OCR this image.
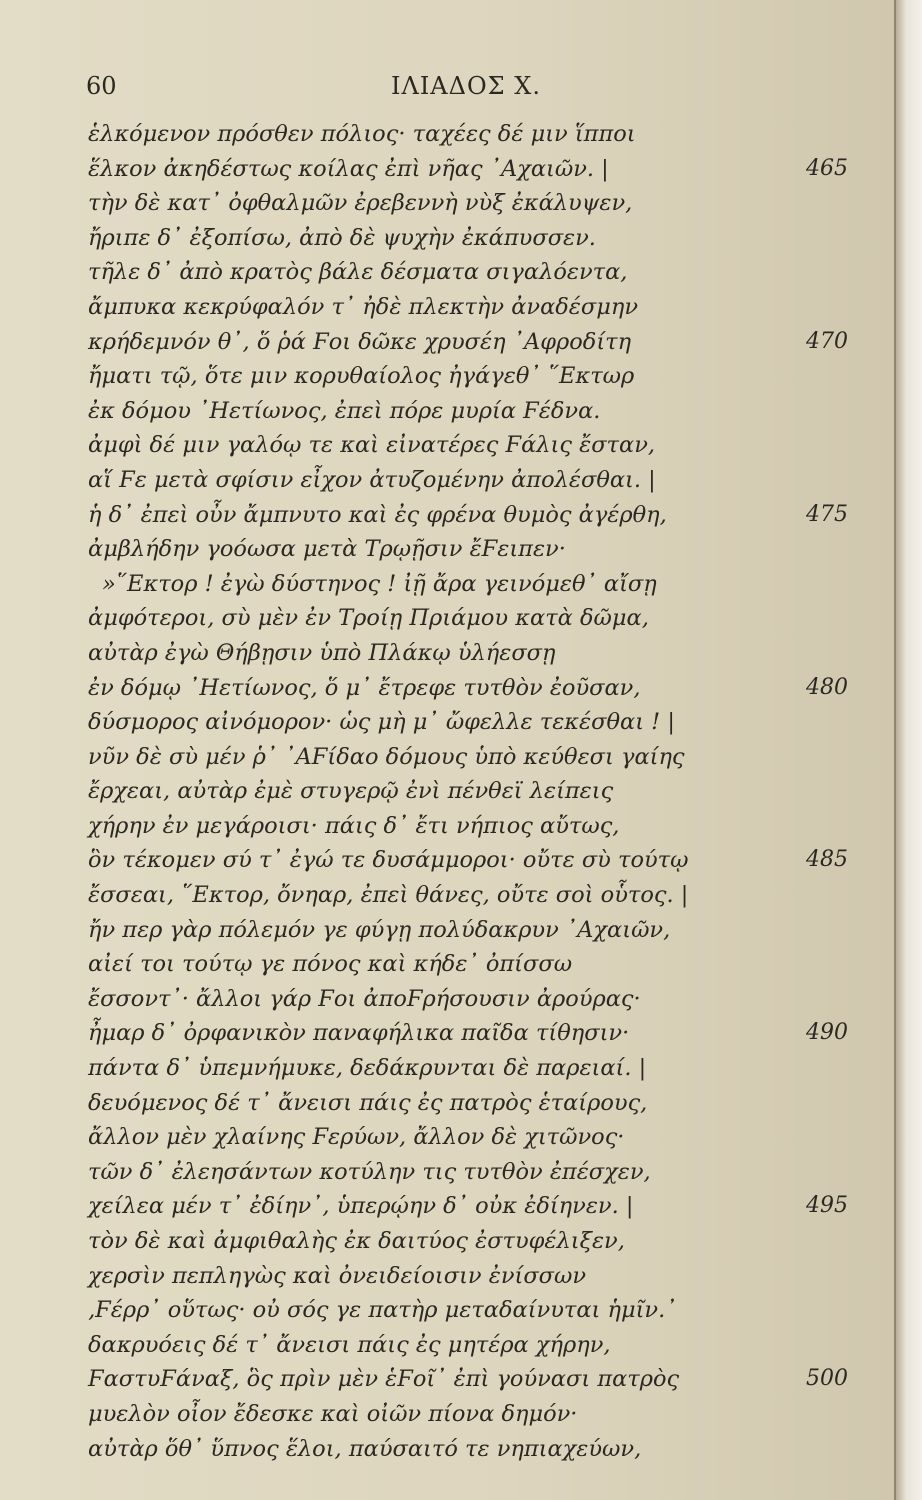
60	ΙΛΙΑΔΟΣ Χ.
ἑλκόμενον πρόσθεν πόλιος· ταχέες δέ μιν ἵπποι
ἕλκον ἀκηδέστως κοίλας ἐπὶ νῆας ᾿Αχαιῶν. |	465
τὴν δὲ κατ᾿ ὀφθαλμῶν ἐρεβεννὴ νὺξ ἐκάλυψεν,
ἤριπε δ᾿ ἐξοπίσω, ἀπὸ δὲ ψυχὴν ἐκάπυσσεν.
τῆλε δ᾿ ἀπὸ κρατὸς βάλε δέσματα σιγαλόεντα,
ἄμπυκα κεκρύφαλόν τ᾿ ἠδὲ πλεκτὴν ἀναδέσμην
κρήδεμνόν θ᾿, ὅ ῥά Ϝοι δῶκε χρυσέη ᾿Αφροδίτη	470
ἤματι τῷ, ὅτε μιν κορυθαίολος ἠγάγεθ᾿ ῞Εκτωρ
ἐκ δόμου ᾿Ηετίωνος, ἐπεὶ πόρε μυρία Ϝέδνα.
ἀμφὶ δέ μιν γαλόῳ τε καὶ εἰνατέρες Ϝάλις ἔσταν,
αἵ Ϝε μετὰ σφίσιν εἶχον ἀτυζομένην ἀπολέσθαι. |
ἡ δ᾿ ἐπεὶ οὖν ἄμπνυτο καὶ ἐς φρένα θυμὸς ἀγέρθη,	475
ἀμβλήδην γοόωσα μετὰ Τρῳῇσιν ἔϜειπεν·
»῞Εκτορ ! ἐγὼ δύστηνος ! ἰῇ ἄρα γεινόμεθ᾿ αἴσῃ
ἀμφότεροι, σὺ μὲν ἐν Τροίῃ Πριάμου κατὰ δῶμα,
αὐτὰρ ἐγὼ Θήβῃσιν ὑπὸ Πλάκῳ ὑλήεσσῃ
ἐν δόμῳ ᾿Ηετίωνος, ὅ μ᾿ ἔτρεφε τυτθὸν ἐοῦσαν,	480
δύσμορος αἰνόμορον· ὡς μὴ μ᾿ ὤφελλε τεκέσθαι ! |
νῦν δὲ σὺ μέν ῥ᾿ ᾿ΑϜίδαο δόμους ὑπὸ κεύθεσι γαίης
ἔρχεαι, αὐτὰρ ἐμὲ στυγερῷ ἐνὶ πένθεϊ λείπεις
χήρην ἐν μεγάροισι· πάις δ᾿ ἔτι νήπιος αὔτως,
ὃν τέκομεν σύ τ᾿ ἐγώ τε δυσάμμοροι· οὔτε σὺ τούτῳ	485
ἔσσεαι, ῞Εκτορ, ὄνηαρ, ἐπεὶ θάνες, οὔτε σοὶ οὗτος. |
ἤν περ γὰρ πόλεμόν γε φύγῃ πολύδακρυν ᾿Αχαιῶν,
αἰεί τοι τούτῳ γε πόνος καὶ κήδε᾿ ὀπίσσω
ἔσσοντ᾿· ἄλλοι γάρ Ϝοι ἀποϜρήσουσιν ἀρούρας·
ἦμαρ δ᾿ ὀρφανικὸν παναφήλικα παῖδα τίθησιν·	490
πάντα δ᾿ ὑπεμνήμυκε, δεδάκρυνται δὲ παρειαί. |
δευόμενος δέ τ᾿ ἄνεισι πάις ἐς πατρὸς ἑταίρους,
ἄλλον μὲν χλαίνης Ϝερύων, ἄλλον δὲ χιτῶνος·
τῶν δ᾿ ἐλεησάντων κοτύλην τις τυτθὸν ἐπέσχεν,
χείλεα μέν τ᾿ ἐδίην᾿, ὑπερῴην δ᾿ οὐκ ἐδίηνεν. |	495
τὸν δὲ καὶ ἀμφιθαλὴς ἐκ δαιτύος ἐστυφέλιξεν,
χερσὶν πεπληγὼς καὶ ὀνειδείοισιν ἐνίσσων
‚Ϝέρρ᾿ οὕτως· οὐ σός γε πατὴρ μεταδαίνυται ἡμῖν.᾿
δακρυόεις δέ τ᾿ ἄνεισι πάις ἐς μητέρα χήρην,
ϜαστυϜάναξ, ὃς πρὶν μὲν ἑϜοῖ᾿ ἐπὶ γούνασι πατρὸς	500
μυελὸν οἶον ἔδεσκε καὶ οἰῶν πίονα δημόν·
αὐτὰρ ὅθ᾿ ὕπνος ἕλοι, παύσαιτό τε νηπιαχεύων,
